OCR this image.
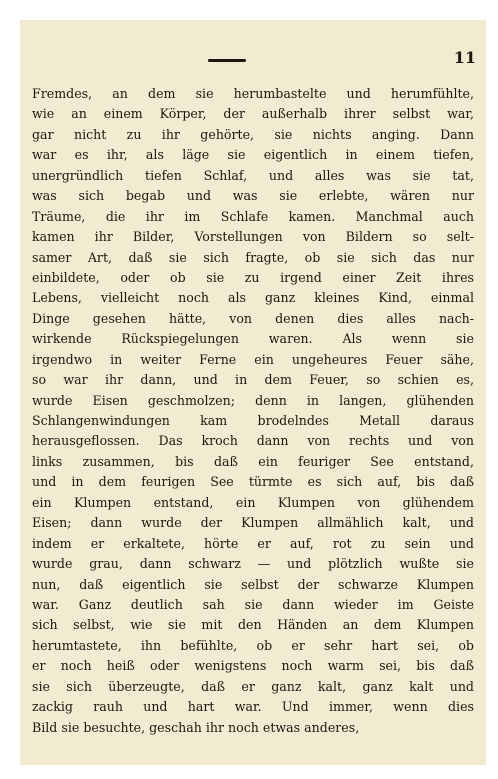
11
Fremdes, an dem sie herumbastelte und herumfühlte,
wie an einem Körper, der außerhalb ihrer selbst war,
gar nicht zu ihr gehörte, sie nichts anging. Dann
war es ihr, als läge sie eigentlich in einem tiefen,
unergründlich tiefen Schlaf, und alles was sie tat,
was sich begab und was sie erlebte, wären nur
Träume, die ihr im Schlafe kamen. Manchmal auch
kamen ihr Bilder, Vorstellungen von Bildern so selt-
samer Art, daß sie sich fragte, ob sie sich das nur
einbildete, oder ob sie zu irgend einer Zeit ihres
Lebens, vielleicht noch als ganz kleines Kind, einmal
Dinge gesehen hätte, von denen dies alles nach-
wirkende Rückspiegelungen waren. Als wenn sie
irgendwo in weiter Ferne ein ungeheures Feuer sähe,
so war ihr dann, und in dem Feuer, so schien es,
wurde Eisen geschmolzen; denn in langen, glühenden
Schlangenwindungen kam brodelndes Metall daraus
herausgeflossen. Das kroch dann von rechts und von
links zusammen, bis daß ein feuriger See entstand,
und in dem feurigen See türmte es sich auf, bis daß
ein Klumpen entstand, ein Klumpen von glühendem
Eisen; dann wurde der Klumpen allmählich kalt, und
indem er erkaltete, hörte er auf, rot zu sein und
wurde grau, dann schwarz — und plötzlich wußte sie
nun, daß eigentlich sie selbst der schwarze Klumpen
war. Ganz deutlich sah sie dann wieder im Geiste
sich selbst, wie sie mit den Händen an dem Klumpen
herumtastete, ihn befühlte, ob er sehr hart sei, ob
er noch heiß oder wenigstens noch warm sei, bis daß
sie sich überzeugte, daß er ganz kalt, ganz kalt und
zackig rauh und hart war. Und immer, wenn dies
Bild sie besuchte, geschah ihr noch etwas anderes,
